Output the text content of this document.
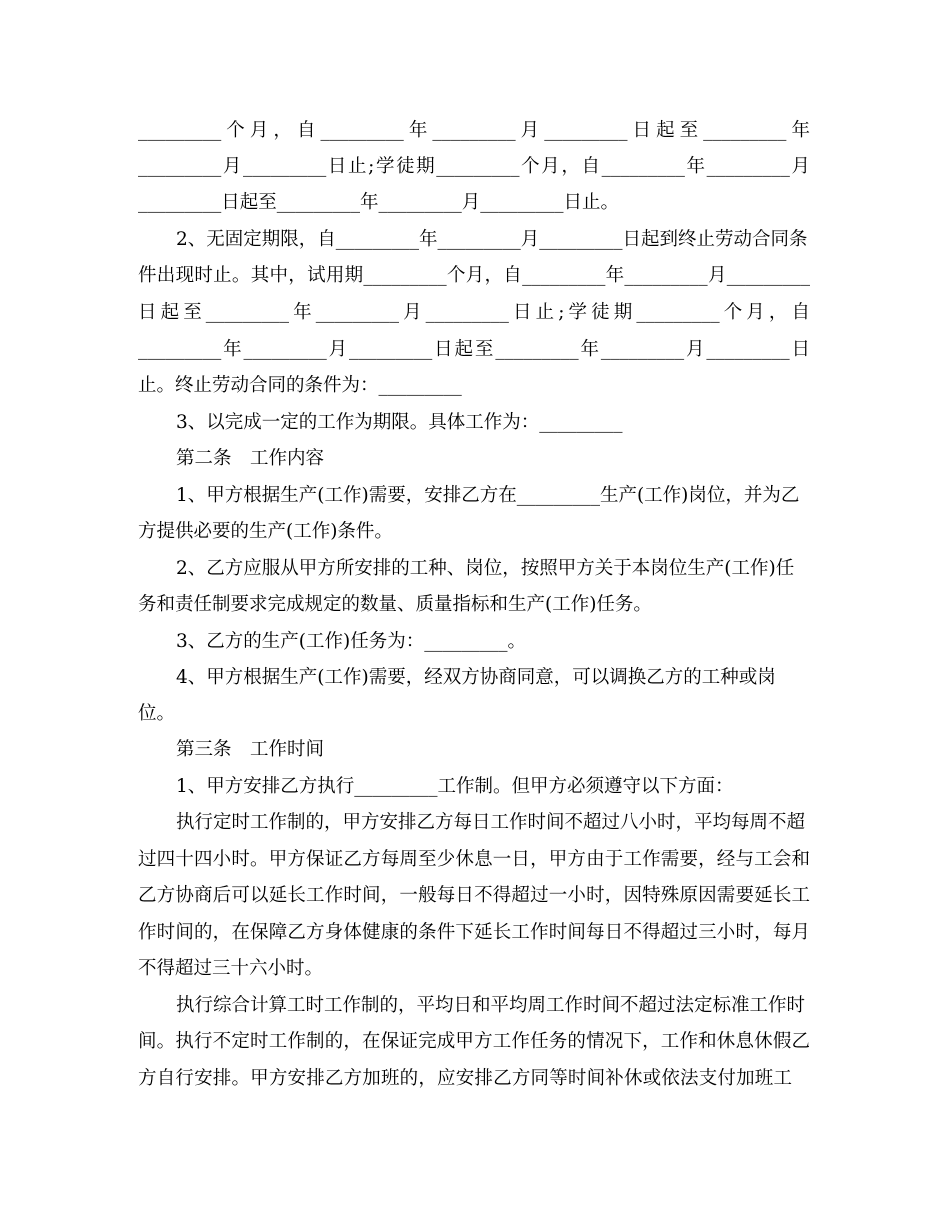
_________个月，自_________年_________月_________日起至_________年
_________月_________日止;学徒期_________个月，自_________年_________月
_________日起至_________年_________月_________日止。
2、无固定期限，自_________年_________月_________日起到终止劳动合同条
件出现时止。其中，试用期_________个月，自_________年_________月_________
日起至_________年_________月_________日止;学徒期_________个月，自
_________年_________月_________日起至_________年_________月_________日
止。终止劳动合同的条件为：_________
3、以完成一定的工作为期限。具体工作为：_________
第二条　工作内容
1、甲方根据生产(工作)需要，安排乙方在_________生产(工作)岗位，并为乙
方提供必要的生产(工作)条件。
2、乙方应服从甲方所安排的工种、岗位，按照甲方关于本岗位生产(工作)任
务和责任制要求完成规定的数量、质量指标和生产(工作)任务。
3、乙方的生产(工作)任务为：_________。
4、甲方根据生产(工作)需要，经双方协商同意，可以调换乙方的工种或岗
位。
第三条　工作时间
1、甲方安排乙方执行_________工作制。但甲方必须遵守以下方面：
执行定时工作制的，甲方安排乙方每日工作时间不超过八小时，平均每周不超
过四十四小时。甲方保证乙方每周至少休息一日，甲方由于工作需要，经与工会和
乙方协商后可以延长工作时间，一般每日不得超过一小时，因特殊原因需要延长工
作时间的，在保障乙方身体健康的条件下延长工作时间每日不得超过三小时，每月
不得超过三十六小时。
执行综合计算工时工作制的，平均日和平均周工作时间不超过法定标准工作时
间。执行不定时工作制的，在保证完成甲方工作任务的情况下，工作和休息休假乙
方自行安排。甲方安排乙方加班的，应安排乙方同等时间补休或依法支付加班工
